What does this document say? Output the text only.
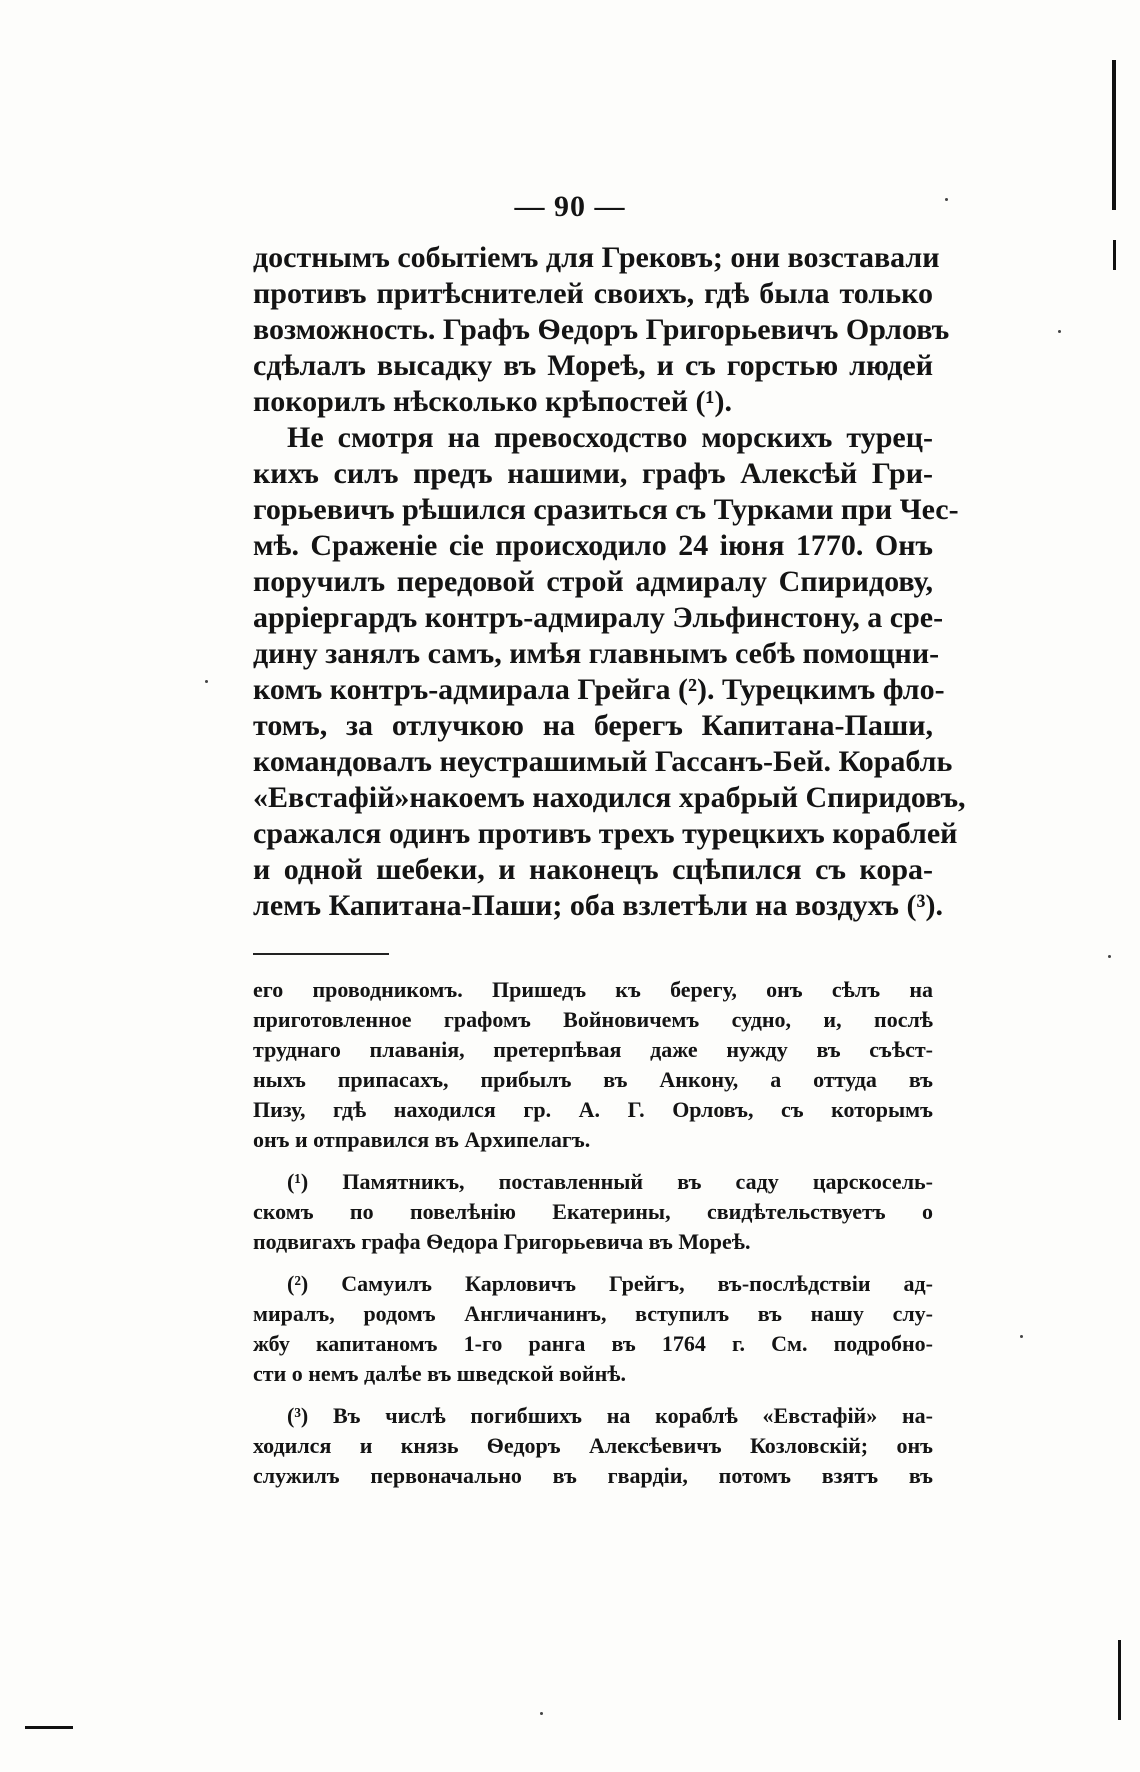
— 90 —
достнымъ событіемъ для Грековъ; они возставали
противъ притѣснителей своихъ, гдѣ была только
возможность. Графъ Ѳедоръ Григорьевичъ Орловъ
сдѣлалъ высадку въ Мореѣ, и съ горстью людей
покорилъ нѣсколько крѣпостей (¹).
Не смотря на превосходство морскихъ турец-
кихъ силъ предъ нашими, графъ Алексѣй Гри-
горьевичъ рѣшился сразиться съ Турками при Чес-
мѣ. Сраженіе сіе происходило 24 іюня 1770. Онъ
поручилъ передовой строй адмиралу Спиридову,
арріергардъ контръ-адмиралу Эльфинстону, а сре-
дину занялъ самъ, имѣя главнымъ себѣ помощни-
комъ контръ-адмирала Грейга (²). Турецкимъ фло-
томъ, за отлучкою на берегъ Капитана-Паши,
командовалъ неустрашимый Гассанъ-Бей. Корабль
«Евстафій»накоемъ находился храбрый Спиридовъ,
сражался одинъ противъ трехъ турецкихъ кораблей
и одной шебеки, и наконецъ сцѣпился съ кора-
лемъ Капитана-Паши; оба взлетѣли на воздухъ (³).
его проводникомъ. Пришедъ къ берегу, онъ сѣлъ на
приготовленное графомъ Войновичемъ судно, и, послѣ
труднаго плаванія, претерпѣвая даже нужду въ съѣст-
ныхъ припасахъ, прибылъ въ Анкону, а оттуда въ
Пизу, гдѣ находился гр. А. Г. Орловъ, съ которымъ
онъ и отправился въ Архипелагъ.
(¹) Памятникъ, поставленный въ саду царскосель-
скомъ по повелѣнію Екатерины, свидѣтельствуетъ о
подвигахъ графа Ѳедора Григорьевича въ Мореѣ.
(²) Самуилъ Карловичъ Грейгъ, въ-послѣдствіи ад-
миралъ, родомъ Англичанинъ, вступилъ въ нашу слу-
жбу капитаномъ 1-го ранга въ 1764 г. См. подробно-
сти о немъ далѣе въ шведской войнѣ.
(³) Въ числѣ погибшихъ на кораблѣ «Евстафій» на-
ходился и князь Ѳедоръ Алексѣевичъ Козловскій; онъ
служилъ первоначально въ гвардіи, потомъ взятъ въ
